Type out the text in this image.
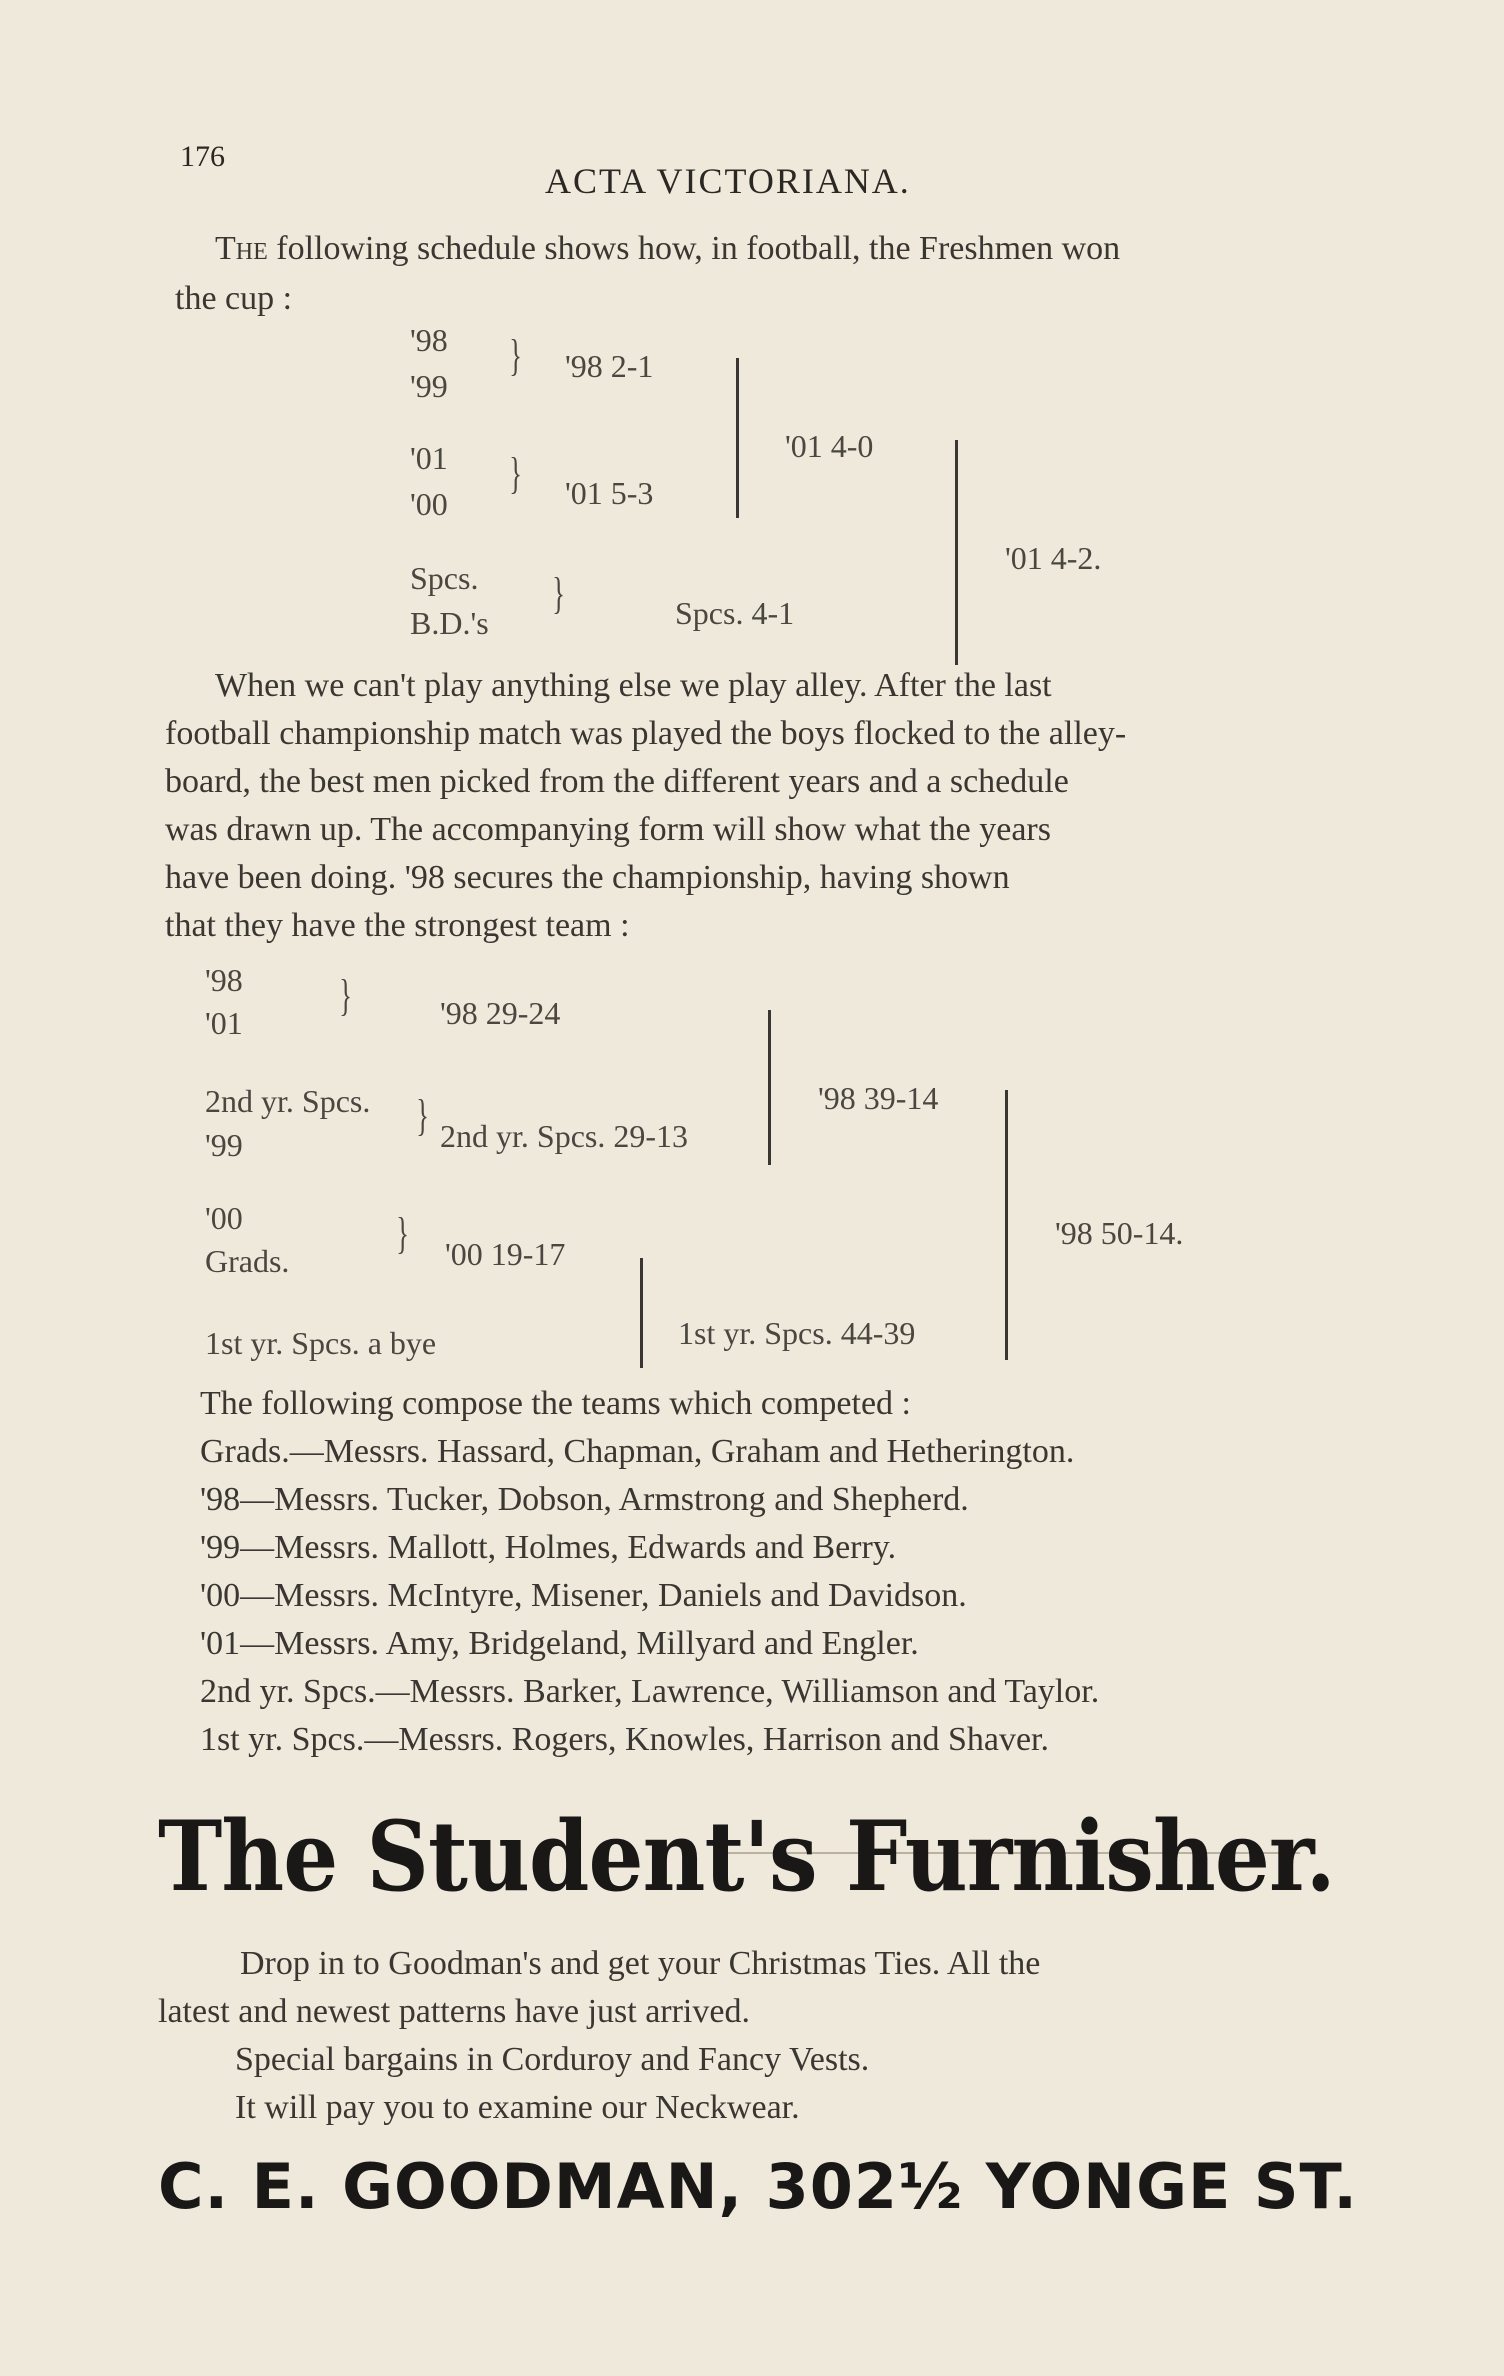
176
ACTA VICTORIANA.
The following schedule shows how, in football, the Freshmen won
the cup :
'98
'99
} '98 2-1
'01
'00
} '01 5-3
'01 4-0
Spcs.
B.D.'s
}	Spcs. 4-1
'01 4-2.
When we can't play anything else we play alley. After the last
football championship match was played the boys flocked to the alley-
board, the best men picked from the different years and a schedule
was drawn up. The accompanying form will show what the years
have been doing. '98 secures the championship, having shown
that they have the strongest team :
'98
'01
}	'98 29-24
2nd yr. Spcs.
'99
} 2nd yr. Spcs. 29-13
'98 39-14
'00
Grads.
} '00 19-17
1st yr. Spcs. a bye	1st yr. Spcs. 44-39
'98 50-14.
The following compose the teams which competed :
Grads.—Messrs. Hassard, Chapman, Graham and Hetherington.
'98—Messrs. Tucker, Dobson, Armstrong and Shepherd.
'99—Messrs. Mallott, Holmes, Edwards and Berry.
'00—Messrs. McIntyre, Misener, Daniels and Davidson.
'01—Messrs. Amy, Bridgeland, Millyard and Engler.
2nd yr. Spcs.—Messrs. Barker, Lawrence, Williamson and Taylor.
1st yr. Spcs.—Messrs. Rogers, Knowles, Harrison and Shaver.
The Student's Furnisher.
Drop in to Goodman's and get your Christmas Ties. All the
latest and newest patterns have just arrived.
Special bargains in Corduroy and Fancy Vests.
It will pay you to examine our Neckwear.
C. E. GOODMAN, 302½ YONGE ST.
